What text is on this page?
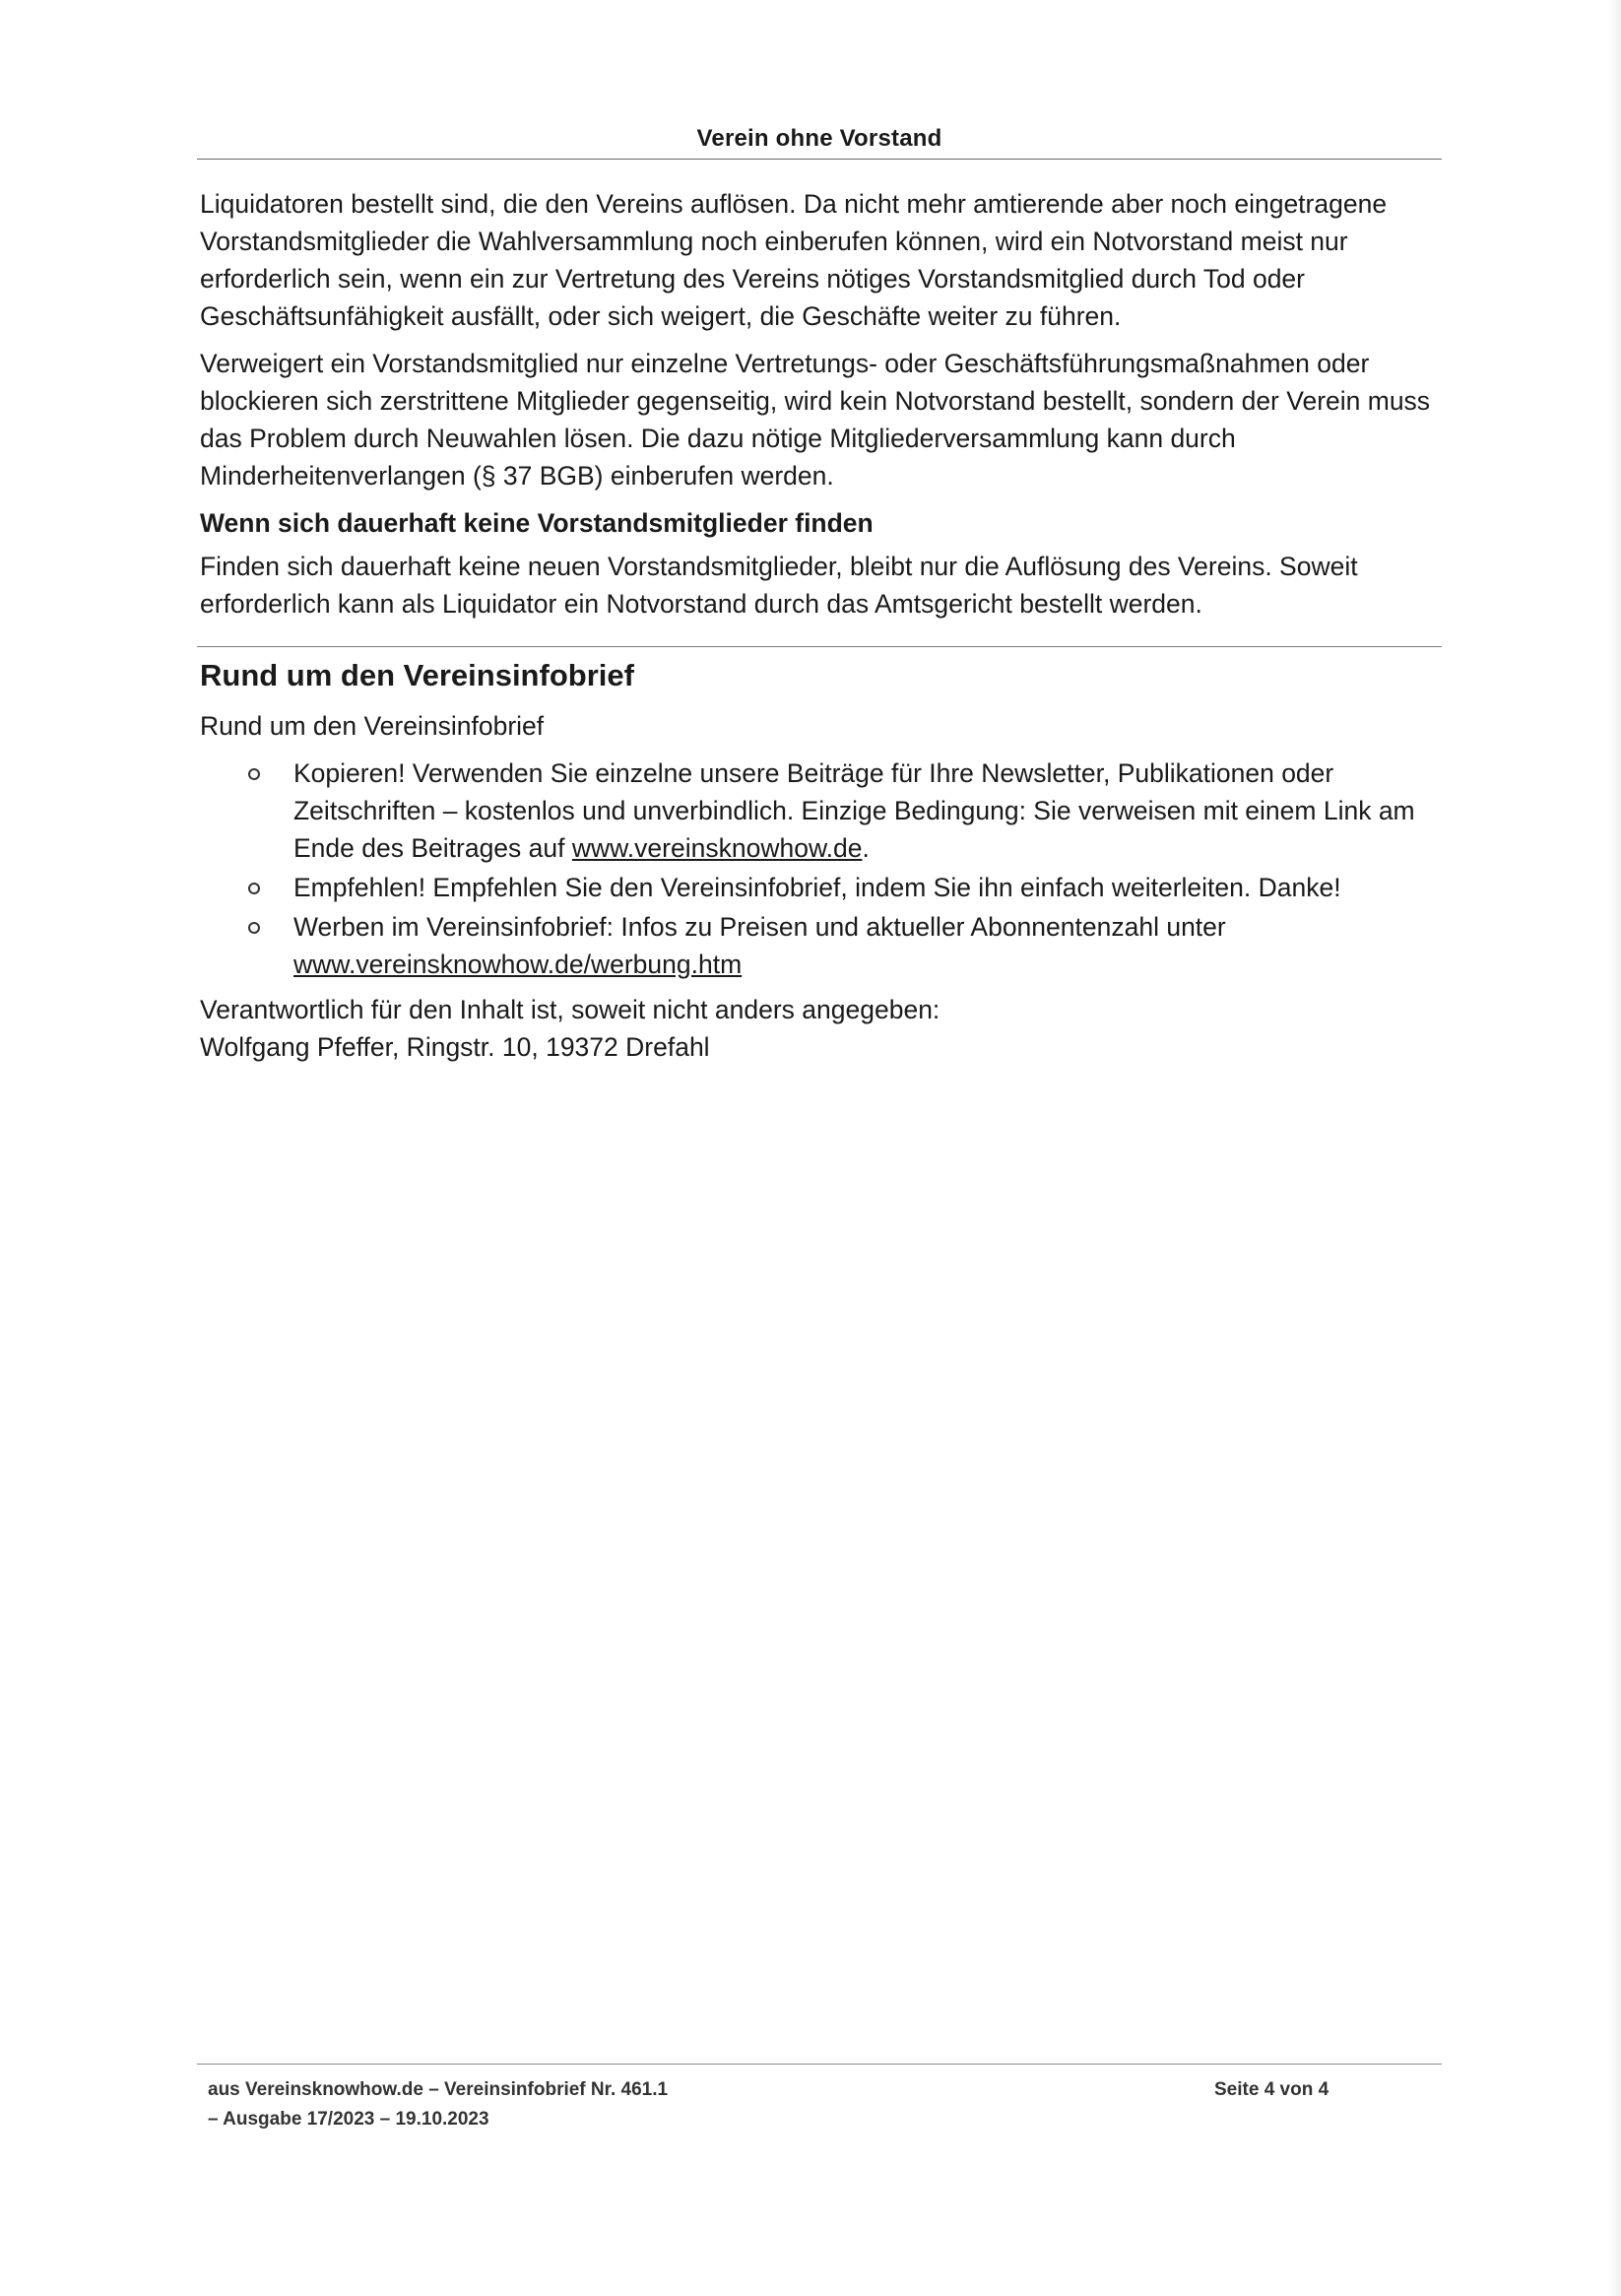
Verein ohne Vorstand

Liquidatoren bestellt sind, die den Vereins auflösen. Da nicht mehr amtierende aber noch eingetragene Vorstandsmitglieder die Wahlversammlung noch einberufen können, wird ein Notvorstand meist nur erforderlich sein, wenn ein zur Vertretung des Vereins nötiges Vorstandsmitglied durch Tod oder Geschäftsunfähigkeit ausfällt, oder sich weigert, die Geschäfte weiter zu führen.

Verweigert ein Vorstandsmitglied nur einzelne Vertretungs- oder Geschäftsführungsmaßnahmen oder blockieren sich zerstrittene Mitglieder gegenseitig, wird kein Notvorstand bestellt, sondern der Verein muss das Problem durch Neuwahlen lösen. Die dazu nötige Mitgliederversammlung kann durch Minderheitenverlangen (§ 37 BGB) einberufen werden.

Wenn sich dauerhaft keine Vorstandsmitglieder finden

Finden sich dauerhaft keine neuen Vorstandsmitglieder, bleibt nur die Auflösung des Vereins. Soweit erforderlich kann als Liquidator ein Notvorstand durch das Amtsgericht bestellt werden.

Rund um den Vereinsinfobrief

Rund um den Vereinsinfobrief

Kopieren! Verwenden Sie einzelne unsere Beiträge für Ihre Newsletter, Publikationen oder Zeitschriften – kostenlos und unverbindlich. Einzige Bedingung: Sie verweisen mit einem Link am Ende des Beitrages auf www.vereinsknowhow.de.
Empfehlen! Empfehlen Sie den Vereinsinfobrief, indem Sie ihn einfach weiterleiten. Danke!
Werben im Vereinsinfobrief: Infos zu Preisen und aktueller Abonnentenzahl unter www.vereinsknowhow.de/werbung.htm
Verantwortlich für den Inhalt ist, soweit nicht anders angegeben:
Wolfgang Pfeffer, Ringstr. 10, 19372 Drefahl
aus Vereinsknowhow.de – Vereinsinfobrief Nr. 461.1
– Ausgabe 17/2023 – 19.10.2023
Seite 4 von 4
